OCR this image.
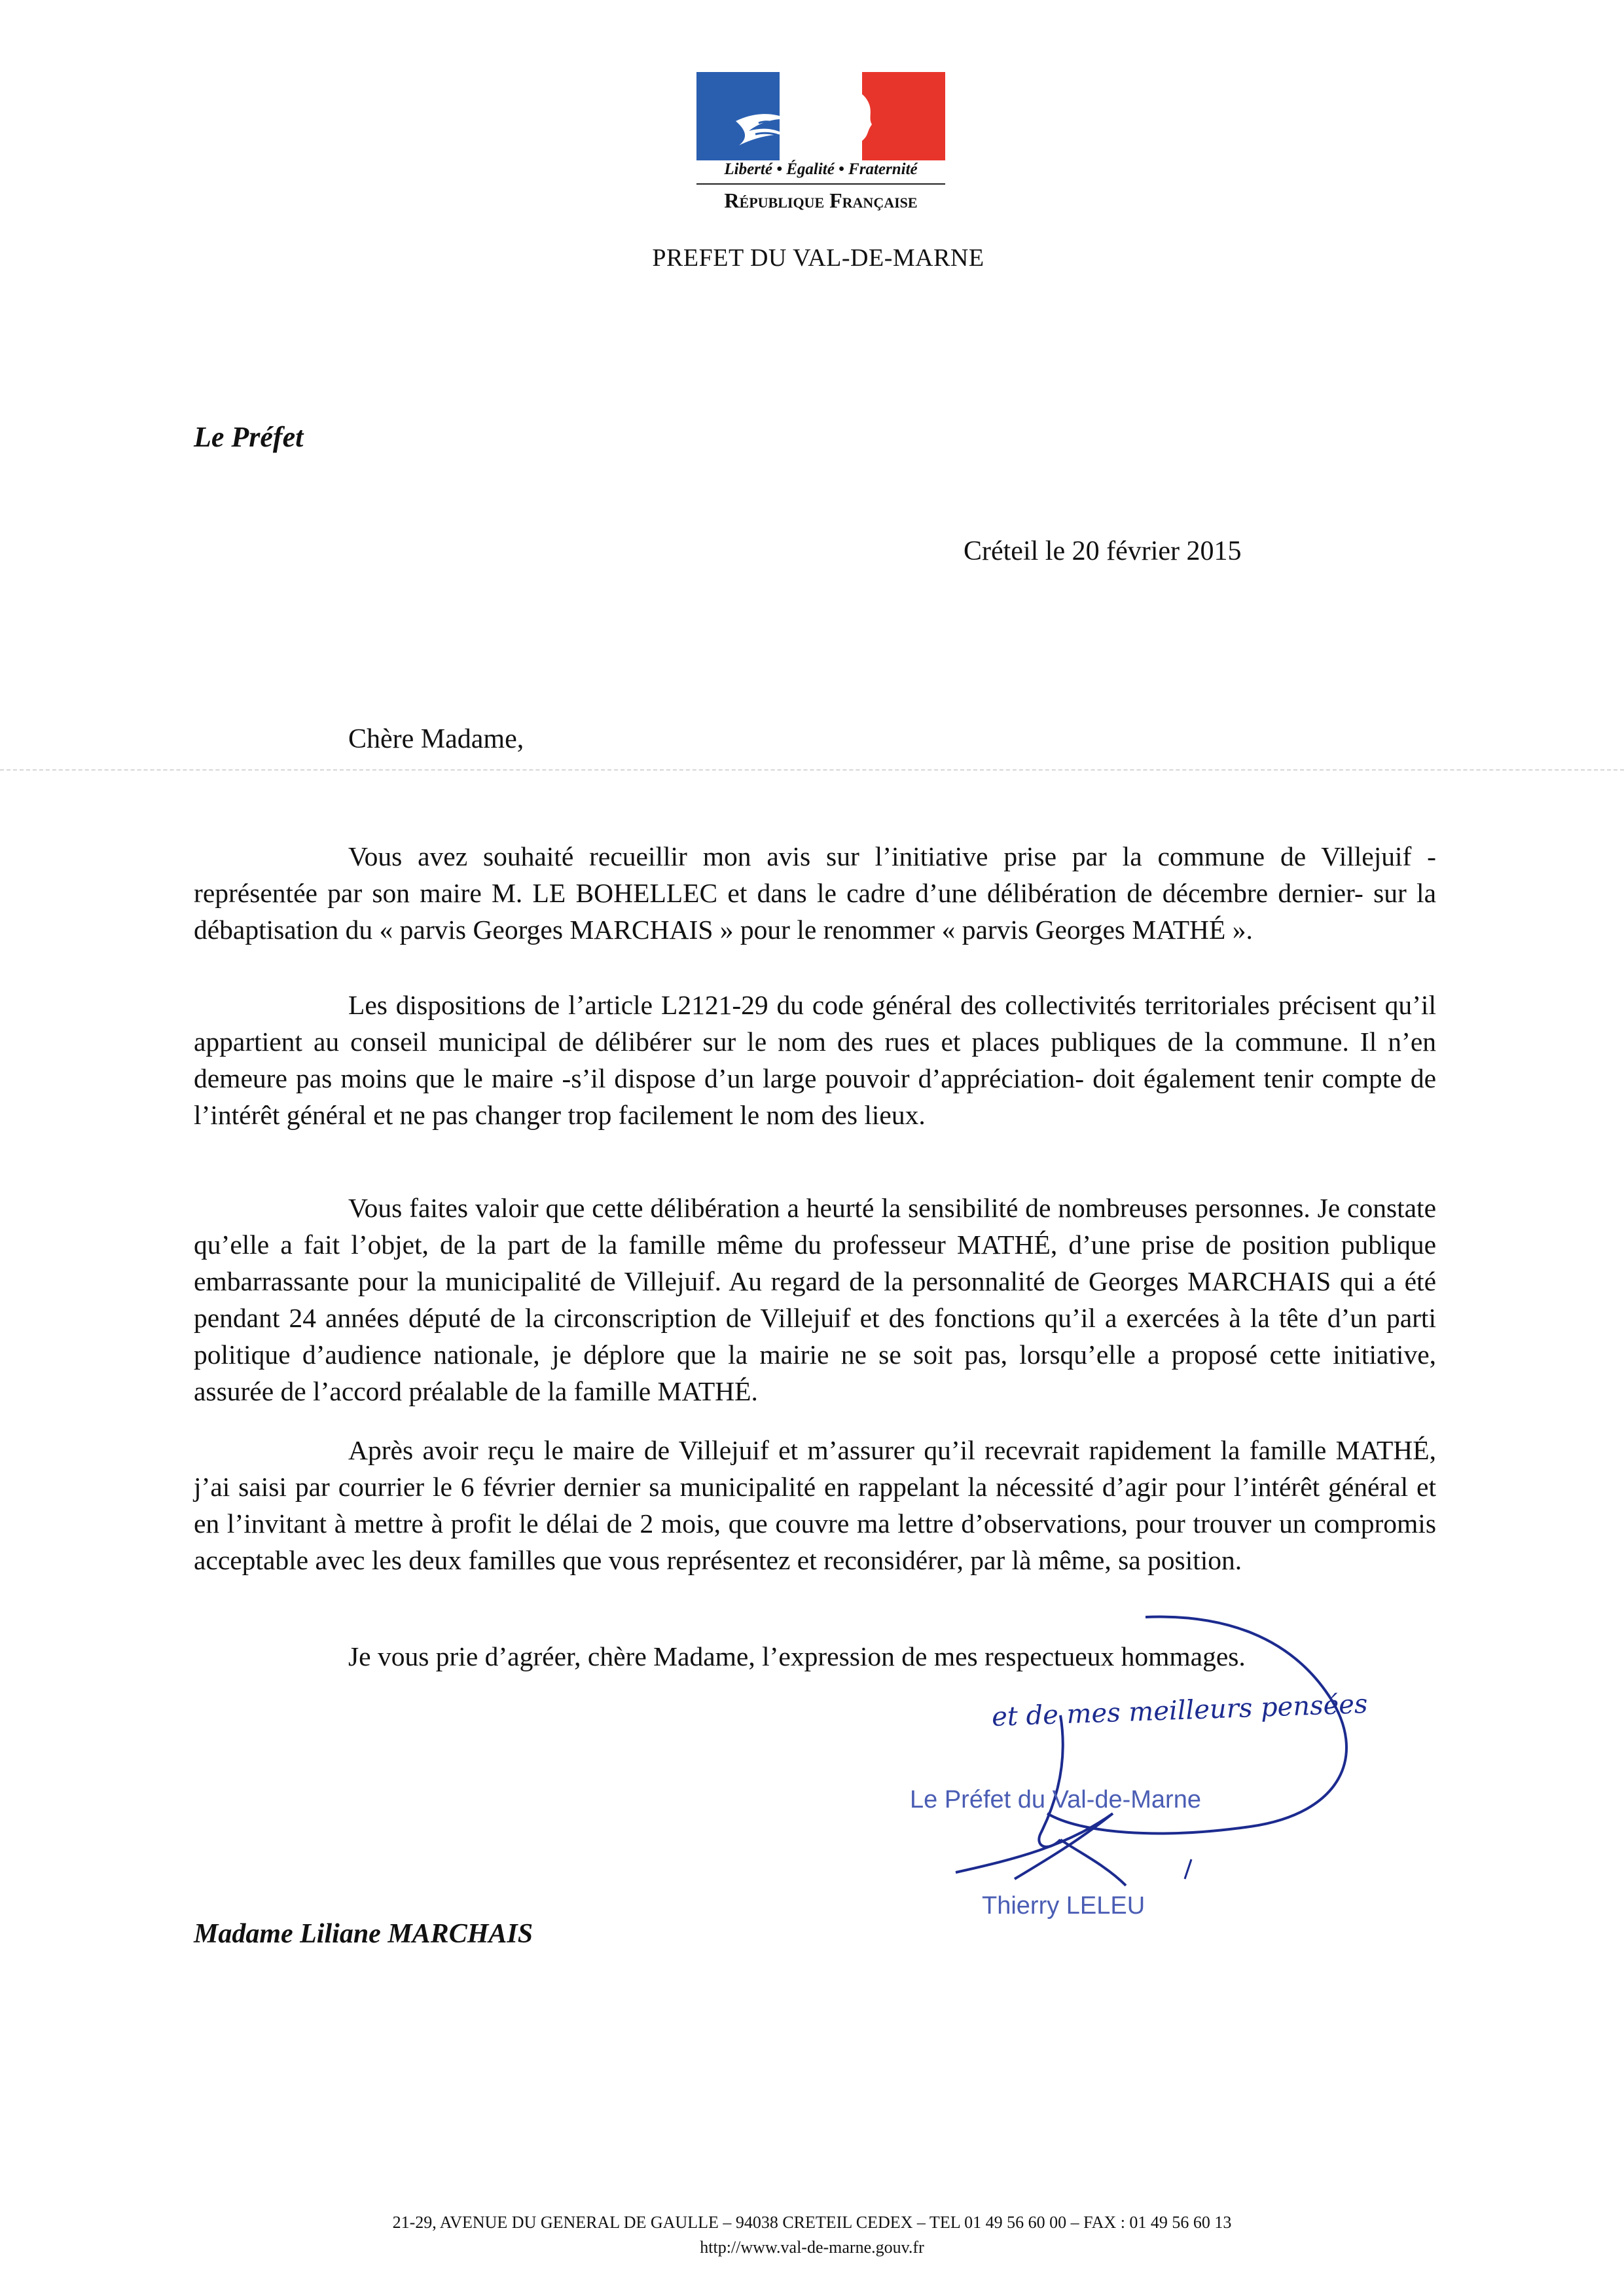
Liberté • Égalité • Fraternité
République Française
PREFET DU VAL-DE-MARNE
Le Préfet
Créteil le 20 février 2015
Chère Madame,

Vous avez souhaité recueillir mon avis sur l’initiative prise par la commune de Villejuif -représentée par son maire M. LE BOHELLEC et dans le cadre d’une délibération de décembre dernier- sur la débaptisation du « parvis Georges MARCHAIS » pour le renommer « parvis Georges MATHÉ ».

Les dispositions de l’article L2121-29 du code général des collectivités territoriales précisent qu’il appartient au conseil municipal de délibérer sur le nom des rues et places publiques de la commune. Il n’en demeure pas moins que le maire -s’il dispose d’un large pouvoir d’appréciation- doit également tenir compte de l’intérêt général et ne pas changer trop facilement le nom des lieux.

Vous faites valoir que cette délibération a heurté la sensibilité de nombreuses personnes. Je constate qu’elle a fait l’objet, de la part de la famille même du professeur MATHÉ, d’une prise de position publique embarrassante pour la municipalité de Villejuif. Au regard de la personnalité de Georges MARCHAIS qui a été pendant 24 années député de la circonscription de Villejuif et des fonctions qu’il a exercées à la tête d’un parti politique d’audience nationale, je déplore que la mairie ne se soit pas, lorsqu’elle a proposé cette initiative, assurée de l’accord préalable de la famille MATHÉ.

Après avoir reçu le maire de Villejuif et m’assurer qu’il recevrait rapidement la famille MATHÉ, j’ai saisi par courrier le 6 février dernier sa municipalité en rappelant la nécessité d’agir pour l’intérêt général et en l’invitant à mettre à profit le délai de 2 mois, que couvre ma lettre d’observations, pour trouver un compromis acceptable avec les deux familles que vous représentez et reconsidérer, par là même, sa position.

Je vous prie d’agréer, chère Madame, l’expression de mes respectueux hommages.

et de mes meilleurs pensées
Le Préfet du Val-de-Marne
Thierry LELEU
Madame Liliane MARCHAIS
21-29, AVENUE DU GENERAL DE GAULLE – 94038 CRETEIL CEDEX – TEL 01 49 56 60 00 – FAX : 01 49 56 60 13
http://www.val-de-marne.gouv.fr
